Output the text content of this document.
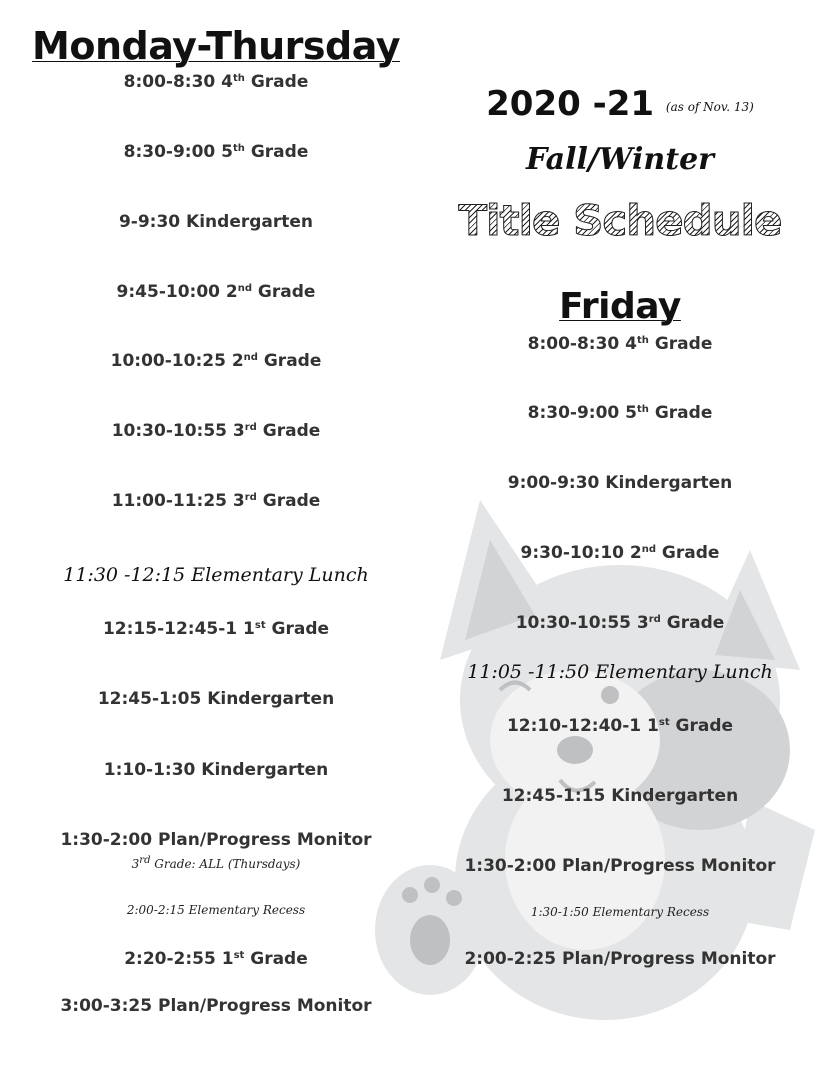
Monday-Thursday
8:00-8:30 4th Grade
8:30-9:00 5th Grade
9-9:30 Kindergarten
9:45-10:00 2nd Grade
10:00-10:25 2nd Grade
10:30-10:55 3rd Grade
11:00-11:25 3rd Grade
11:30 -12:15 Elementary Lunch
12:15-12:45-1 1st Grade
12:45-1:05 Kindergarten
1:10-1:30 Kindergarten
1:30-2:00 Plan/Progress Monitor
3rd Grade: ALL (Thursdays)
2:00-2:15 Elementary Recess
2:20-2:55 1st Grade
3:00-3:25 Plan/Progress Monitor
2020 -21 (as of Nov. 13)
Fall/Winter
Title Schedule
Friday
8:00-8:30 4th Grade
8:30-9:00 5th Grade
9:00-9:30 Kindergarten
9:30-10:10 2nd Grade
10:30-10:55 3rd Grade
11:05 -11:50 Elementary Lunch
12:10-12:40-1 1st Grade
12:45-1:15 Kindergarten
1:30-2:00 Plan/Progress Monitor
1:30-1:50 Elementary Recess
2:00-2:25 Plan/Progress Monitor
